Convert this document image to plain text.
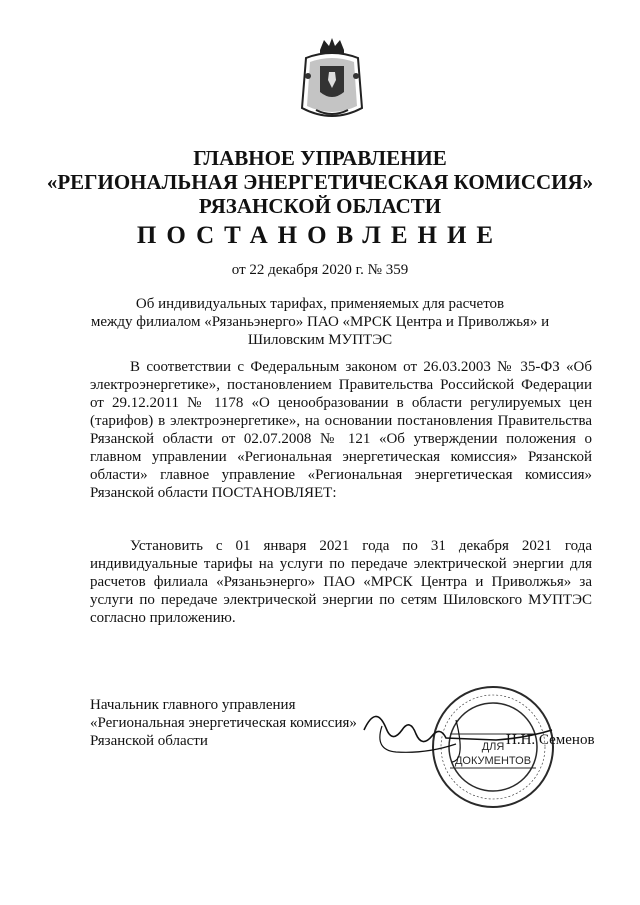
ГЛАВНОЕ УПРАВЛЕНИЕ
«РЕГИОНАЛЬНАЯ ЭНЕРГЕТИЧЕСКАЯ КОМИССИЯ»
РЯЗАНСКОЙ ОБЛАСТИ
ПОСТАНОВЛЕНИЕ
от 22 декабря 2020 г. № 359
Об индивидуальных тарифах, применяемых для расчетов
между филиалом «Рязаньэнерго» ПАО «МРСК Центра и Приволжья» и
Шиловским МУПТЭС
В соответствии с Федеральным законом от 26.03.2003 № 35-ФЗ «Об электроэнергетике», постановлением Правительства Российской Федерации от 29.12.2011 № 1178 «О ценообразовании в области регулируемых цен (тарифов) в электроэнергетике», на основании постановления Правительства Рязанской области от 02.07.2008 № 121 «Об утверждении положения о главном управлении «Региональная энергетическая комиссия» Рязанской области» главное управление «Региональная энергетическая комиссия» Рязанской области ПОСТАНОВЛЯЕТ:
Установить с 01 января 2021 года по 31 декабря 2021 года индивидуальные тарифы на услуги по передаче электрической энергии для расчетов филиала «Рязаньэнерго» ПАО «МРСК Центра и Приволжья» за услуги по передаче электрической энергии по сетям Шиловского МУПТЭС согласно приложению.
Начальник главного управления
«Региональная энергетическая комиссия»
Рязанской области	ДЛЯ
ДОКУМЕНТОВ
Н.Н. Семенов
